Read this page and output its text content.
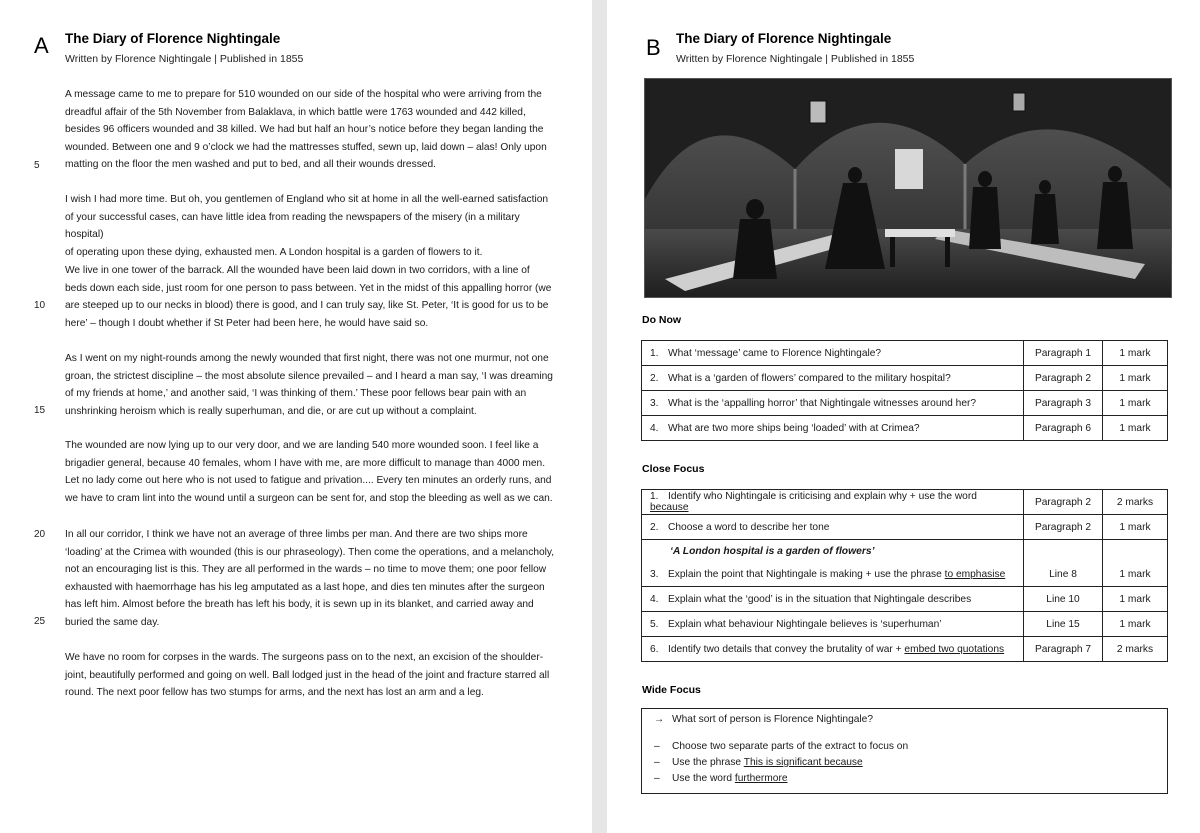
A The Diary of Florence Nightingale
Written by Florence Nightingale | Published in 1855
A message came to me to prepare for 510 wounded on our side of the hospital who were arriving from the
dreadful affair of the 5th November from Balaklava, in which battle were 1763 wounded and 442 killed,
besides 96 officers wounded and 38 killed. We had but half an hour’s notice before they began landing the
wounded. Between one and 9 o’clock we had the mattresses stuffed, sewn up, laid down – alas! Only upon
matting on the floor the men washed and put to bed, and all their wounds dressed.
5
I wish I had more time. But oh, you gentlemen of England who sit at home in all the well-earned satisfaction
of your successful cases, can have little idea from reading the newspapers of the misery (in a military hospital)
of operating upon these dying, exhausted men. A London hospital is a garden of flowers to it.
We live in one tower of the barrack. All the wounded have been laid down in two corridors, with a line of
beds down each side, just room for one person to pass between. Yet in the midst of this appalling horror (we
are steeped up to our necks in blood) there is good, and I can truly say, like St. Peter, ‘It is good for us to be
here’ – though I doubt whether if St Peter had been here, he would have said so.
10
As I went on my night-rounds among the newly wounded that first night, there was not one murmur, not one
groan, the strictest discipline – the most absolute silence prevailed – and I heard a man say, ‘I was dreaming
of my friends at home,’ and another said, ‘I was thinking of them.’ These poor fellows bear pain with an
unshrinking heroism which is really superhuman, and die, or are cut up without a complaint.
15
The wounded are now lying up to our very door, and we are landing 540 more wounded soon. I feel like a
brigadier general, because 40 females, whom I have with me, are more difficult to manage than 4000 men.
Let no lady come out here who is not used to fatigue and privation.... Every ten minutes an orderly runs, and
we have to cram lint into the wound until a surgeon can be sent for, and stop the bleeding as well as we can.
In all our corridor, I think we have not an average of three limbs per man. And there are two ships more
‘loading’ at the Crimea with wounded (this is our phraseology). Then come the operations, and a melancholy,
not an encouraging list is this. They are all performed in the wards – no time to move them; one poor fellow
exhausted with haemorrhage has his leg amputated as a last hope, and dies ten minutes after the surgeon
has left him. Almost before the breath has left his body, it is sewn up in its blanket, and carried away and
buried the same day.
20
25
We have no room for corpses in the wards. The surgeons pass on to the next, an excision of the shoulder-
joint, beautifully performed and going on well. Ball lodged just in the head of the joint and fracture starred all
round. The next poor fellow has two stumps for arms, and the next has lost an arm and a leg.
B The Diary of Florence Nightingale
Written by Florence Nightingale | Published in 1855
Do Now
1. What ‘message’ came to Florence Nightingale?	Paragraph 1	1 mark
2. What is a ‘garden of flowers’ compared to the military hospital?	Paragraph 2	1 mark
3. What is the ‘appalling horror’ that Nightingale witnesses around her?	Paragraph 3	1 mark
4. What are two more ships being ‘loaded’ with at Crimea?	Paragraph 6	1 mark
Close Focus
1. Identify who Nightingale is criticising and explain why + use the word because	Paragraph 2	2 marks
2. Choose a word to describe her tone	Paragraph 2	1 mark
‘A London hospital is a garden of flowers’		
3. Explain the point that Nightingale is making + use the phrase to emphasise	Line 8	1 mark
4. Explain what the ‘good’ is in the situation that Nightingale describes	Line 10	1 mark
5. Explain what behaviour Nightingale believes is ‘superhuman’	Line 15	1 mark
6. Identify two details that convey the brutality of war + embed two quotations	Paragraph 7	2 marks
Wide Focus
→ What sort of person is Florence Nightingale?
– Choose two separate parts of the extract to focus on
– Use the phrase This is significant because
– Use the word furthermore
